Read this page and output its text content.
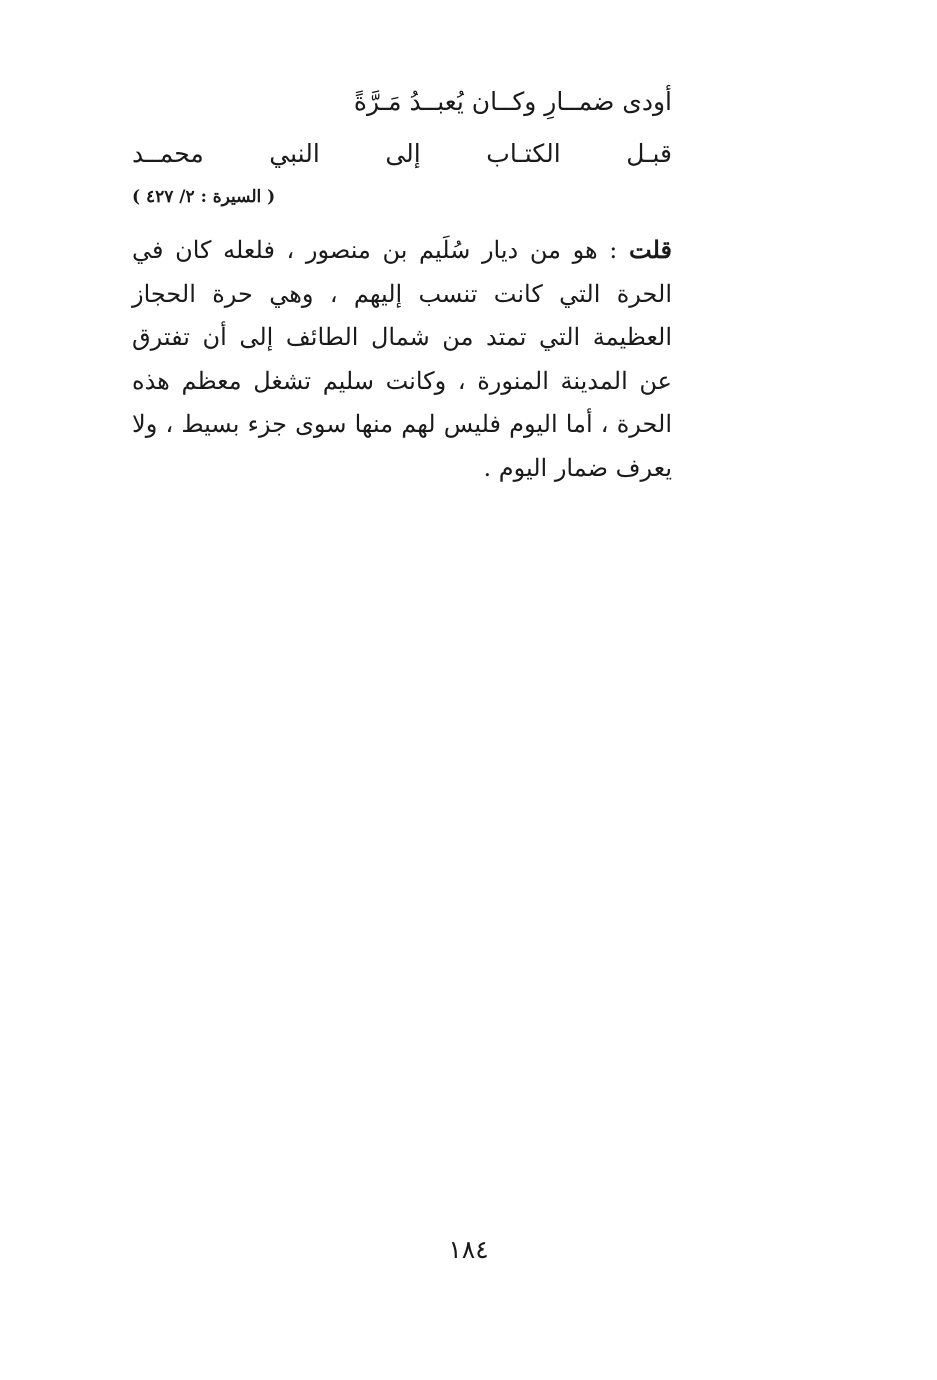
أودى ضمــارِ وكــان يُعبــدُ مَـرَّةً
قبـل الكتـاب إلى النبي محمــد
( السيرة : ٢/ ٤٢٧ )
قلت : هو من ديار سُلَيم بن منصور ، فلعله كان في الحرة التي كانت تنسب إليهم ، وهي حرة الحجاز العظيمة التي تمتد من شمال الطائف إلى أن تفترق عن المدينة المنورة ، وكانت سليم تشغل معظم هذه الحرة ، أما اليوم فليس لهم منها سوى جزء بسيط ، ولا يعرف ضمار اليوم .
١٨٤
